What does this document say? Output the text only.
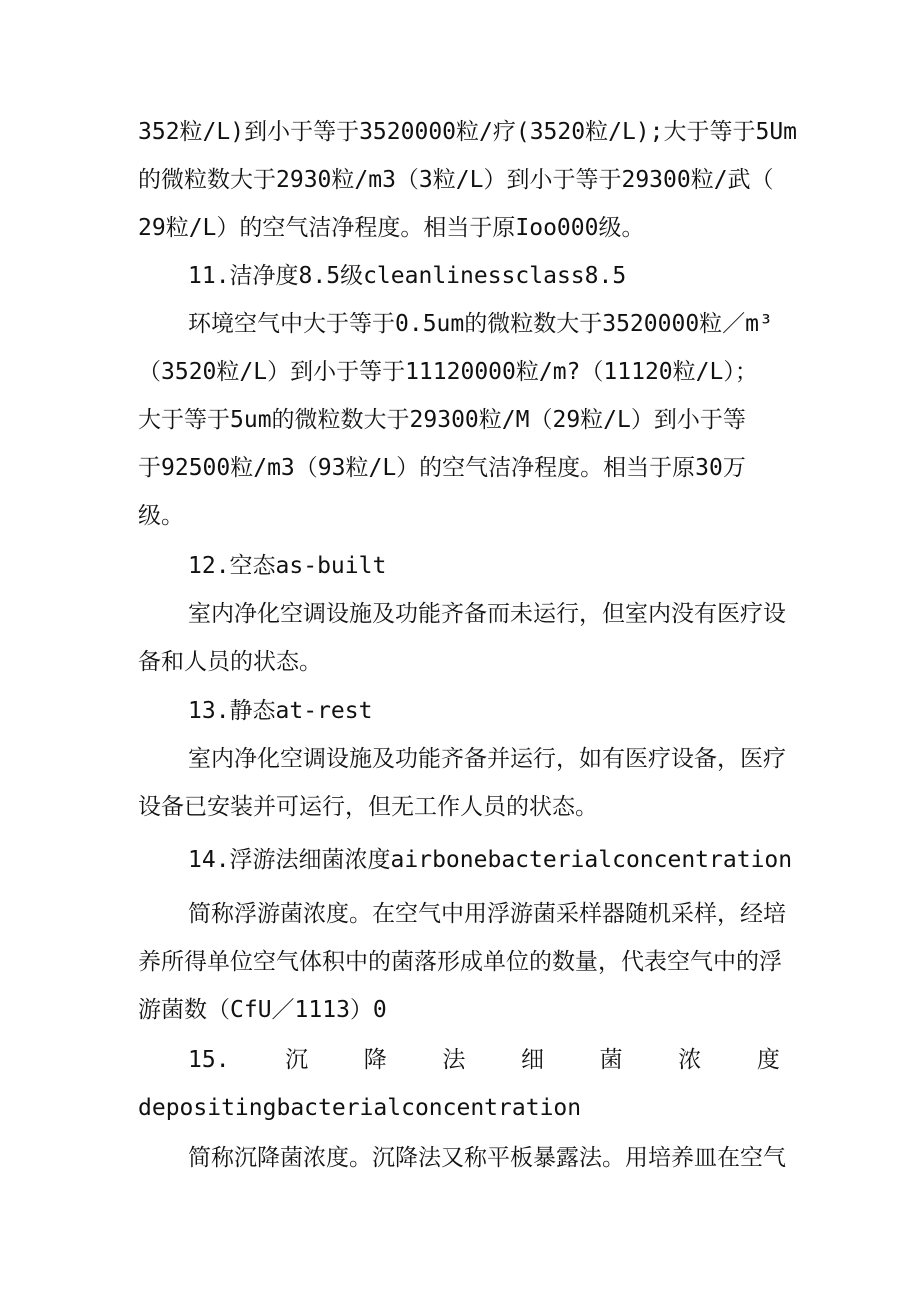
352粒/L)到小于等于3520000粒/疗(3520粒/L);大于等于5Um
的微粒数大于2930粒/m3（3粒/L）到小于等于29300粒/武（
29粒/L）的空气洁净程度。相当于原Ioo000级。
11.洁净度8.5级cleanlinessclass8.5
环境空气中大于等于0.5um的微粒数大于3520000粒／m³
（3520粒/L）到小于等于11120000粒/m?（11120粒/L）；
大于等于5um的微粒数大于29300粒/M（29粒/L）到小于等
于92500粒/m3（93粒/L）的空气洁净程度。相当于原30万
级。
12.空态as-built
室内净化空调设施及功能齐备而未运行，但室内没有医疗设
备和人员的状态。
13.静态at-rest
室内净化空调设施及功能齐备并运行，如有医疗设备，医疗
设备已安装并可运行，但无工作人员的状态。
14.浮游法细菌浓度airbonebacterialconcentration
简称浮游菌浓度。在空气中用浮游菌采样器随机采样，经培
养所得单位空气体积中的菌落形成单位的数量，代表空气中的浮
游菌数（CfU／1113）0
15. 沉 降 法 细 菌 浓 度
depositingbacterialconcentration
简称沉降菌浓度。沉降法又称平板暴露法。用培养皿在空气
